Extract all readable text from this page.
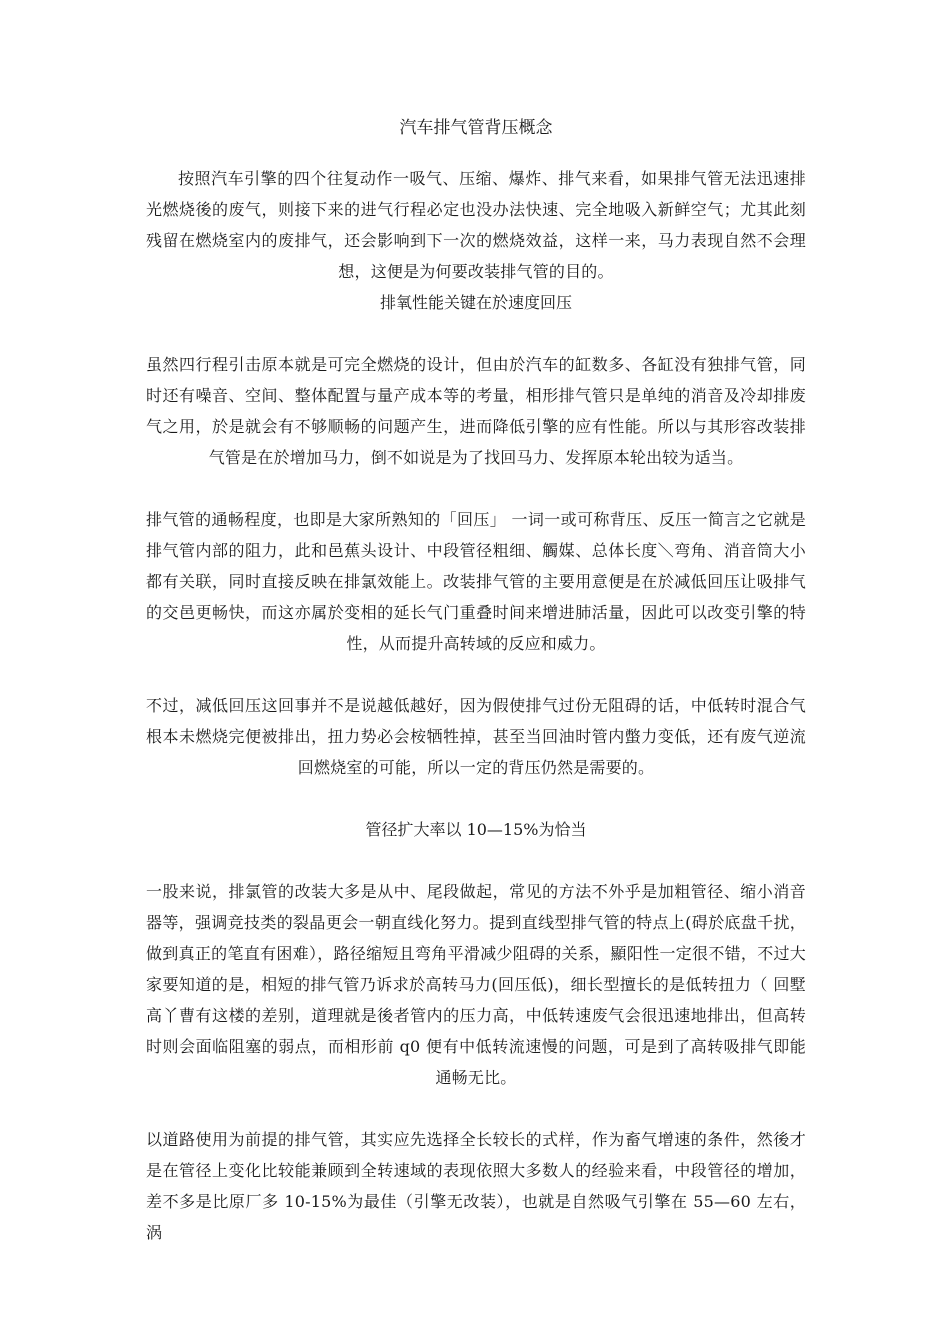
汽车排气管背压概念

按照汽车引擎的四个往复动作一吸气、压缩、爆炸、排气来看，如果排气管无法迅速排光燃烧後的废气，则接下来的进气行程必定也没办法快速、完全地吸入新鲜空气；尤其此刻残留在燃烧室内的废排气，还会影响到下一次的燃烧效益，这样一来，马力表现自然不会理想，这便是为何要改装排气管的目的。

排氧性能关键在於速度回压

虽然四行程引击原本就是可完全燃烧的设计，但由於汽车的缸数多、各缸没有独排气管，同时还有噪音、空间、整体配置与量产成本等的考量，相形排气管只是单纯的消音及冷却排废气之用，於是就会有不够顺畅的问题产生，进而降低引擎的应有性能。所以与其形容改装排气管是在於增加马力，倒不如说是为了找回马力、发挥原本轮出较为适当。

排气管的通畅程度，也即是大家所熟知的「回压」 一词一或可称背压、反压一简言之它就是排气管内部的阻力，此和邑蕉头设计、中段管径粗细、觸媒、总体长度＼弯角、消音筒大小都有关联，同时直接反映在排氯效能上。改装排气管的主要用意便是在於减低回压让吸排气的交邑更畅快，而这亦属於变相的延长气门重叠时间来增进肺活量，因此可以改变引擎的特性，从而提升高转域的反应和威力。

不过，减低回压这回事并不是说越低越好，因为假使排气过份无阻碍的话，中低转时混合气根本未燃烧完便被排出，扭力势必会桉牺牲掉，甚至当回油时管内蟞力变低，还有废气逆流回燃烧室的可能，所以一定的背压仍然是需要的。

管径扩大率以 10—15%为恰当

一股来说，排氯管的改装大多是从中、尾段做起，常见的方法不外乎是加粗管径、缩小消音器等，强调竞技类的裂晶更会一朝直线化努力。提到直线型排气管的特点上(碍於底盘千扰，做到真正的笔直有困难），路径缩短且弯角平滑减少阻碍的关系，顯阳性一定很不错，不过大家要知道的是，相短的排气管乃诉求於高转马力(回压低)，细长型擅长的是低转扭力（ 回墅高丫曹有这楼的差别，道理就是後者管内的压力高，中低转速废气会很迅速地排出，但高转时则会面临阻塞的弱点，而相形前 q0 便有中低转流速慢的问题，可是到了高转吸排气即能通畅无比。

以道路使用为前提的排气管，其实应先选择全长较长的式样，作为畜气增速的条件，然後才是在管径上变化比较能兼顾到全转速域的表现依照大多数人的经验来看，中段管径的增加，差不多是比原厂多 10-15%为最佳（引擎无改装），也就是自然吸气引擎在 55—60 左右，涡
